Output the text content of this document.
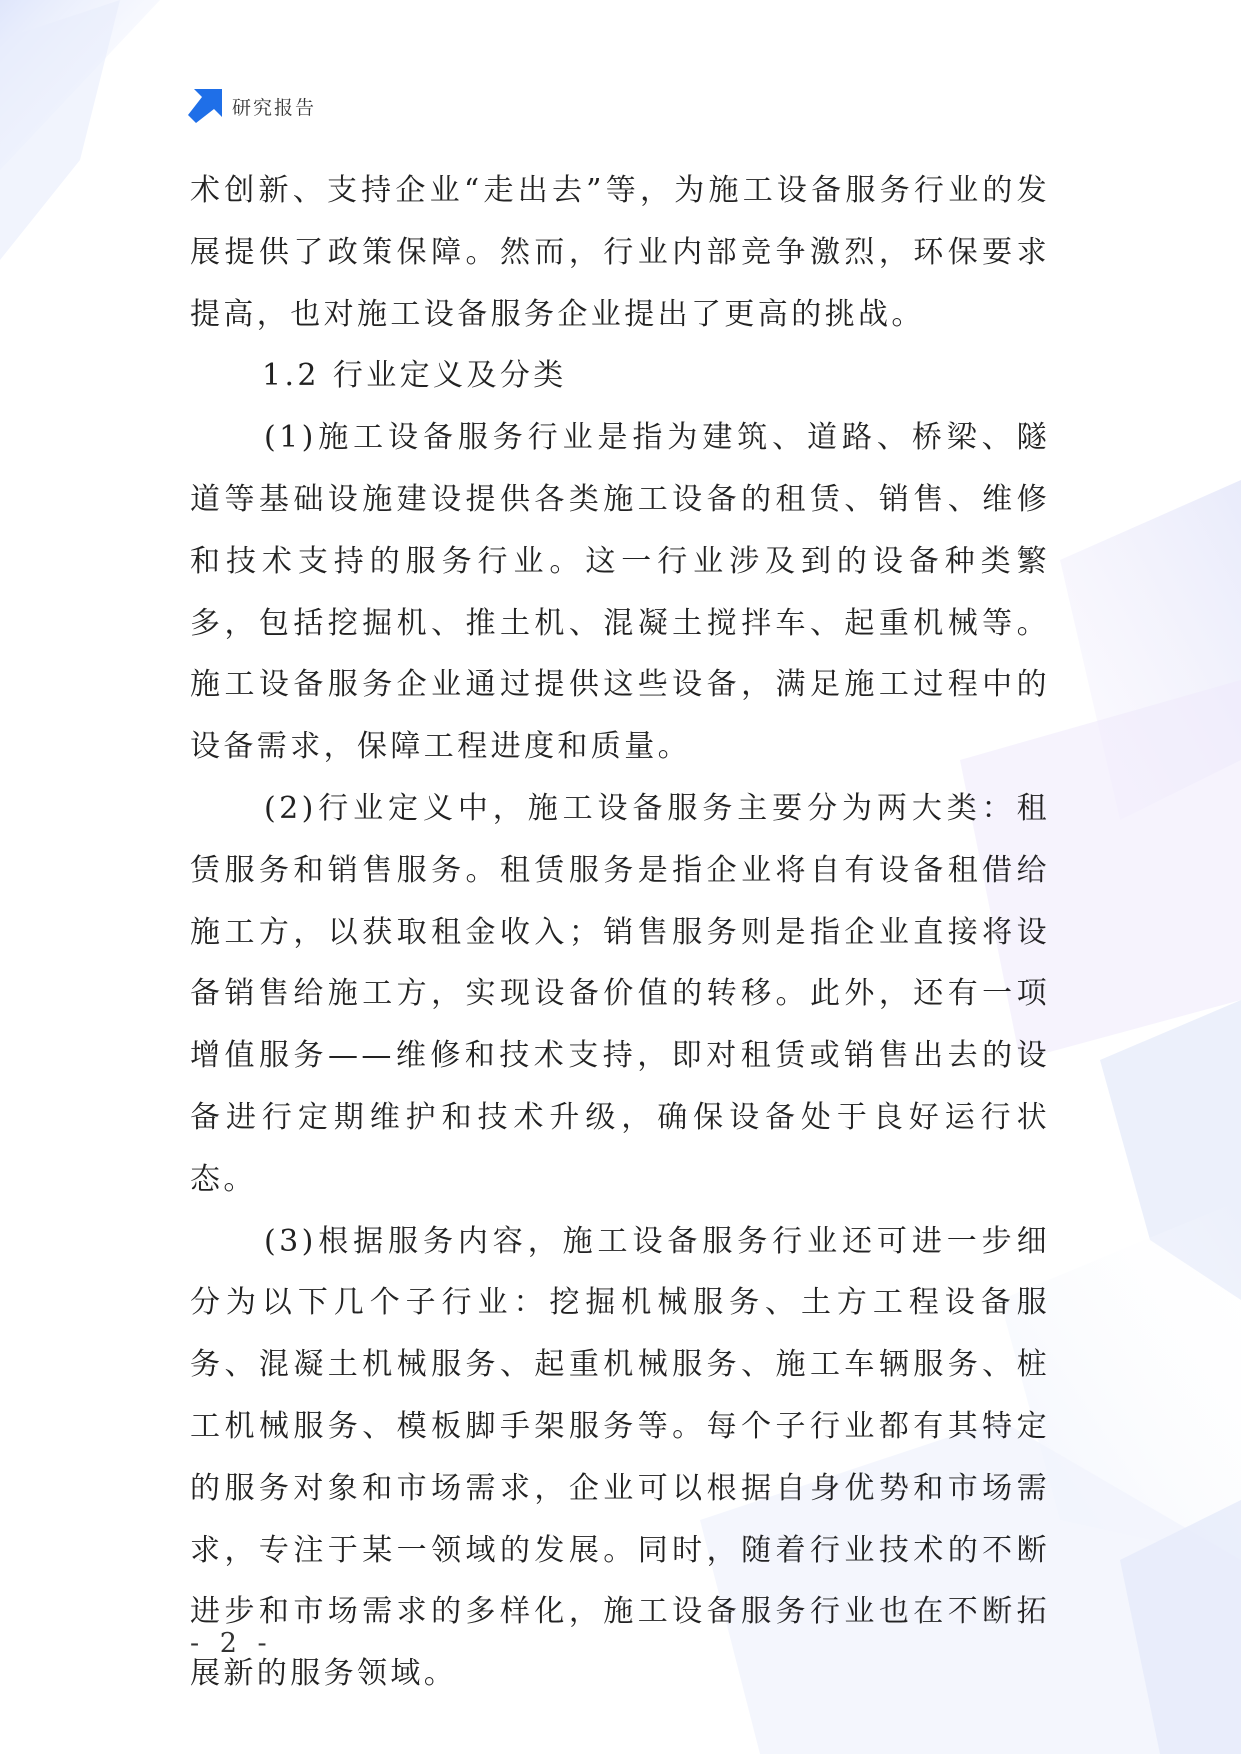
研究报告

术创新、支持企业“走出去”等，为施工设备服务行业的发展提供了政策保障。然而，行业内部竞争激烈，环保要求提高，也对施工设备服务企业提出了更高的挑战。

1.2 行业定义及分类

(1)施工设备服务行业是指为建筑、道路、桥梁、隧道等基础设施建设提供各类施工设备的租赁、销售、维修和技术支持的服务行业。这一行业涉及到的设备种类繁多，包括挖掘机、推土机、混凝土搅拌车、起重机械等。施工设备服务企业通过提供这些设备，满足施工过程中的设备需求，保障工程进度和质量。

(2)行业定义中，施工设备服务主要分为两大类：租赁服务和销售服务。租赁服务是指企业将自有设备租借给施工方，以获取租金收入；销售服务则是指企业直接将设备销售给施工方，实现设备价值的转移。此外，还有一项增值服务——维修和技术支持，即对租赁或销售出去的设备进行定期维护和技术升级，确保设备处于良好运行状态。

(3)根据服务内容，施工设备服务行业还可进一步细分为以下几个子行业：挖掘机械服务、土方工程设备服务、混凝土机械服务、起重机械服务、施工车辆服务、桩工机械服务、模板脚手架服务等。每个子行业都有其特定的服务对象和市场需求，企业可以根据自身优势和市场需求，专注于某一领域的发展。同时，随着行业技术的不断进步和市场需求的多样化，施工设备服务行业也在不断拓展新的服务领域。

- 2 -
